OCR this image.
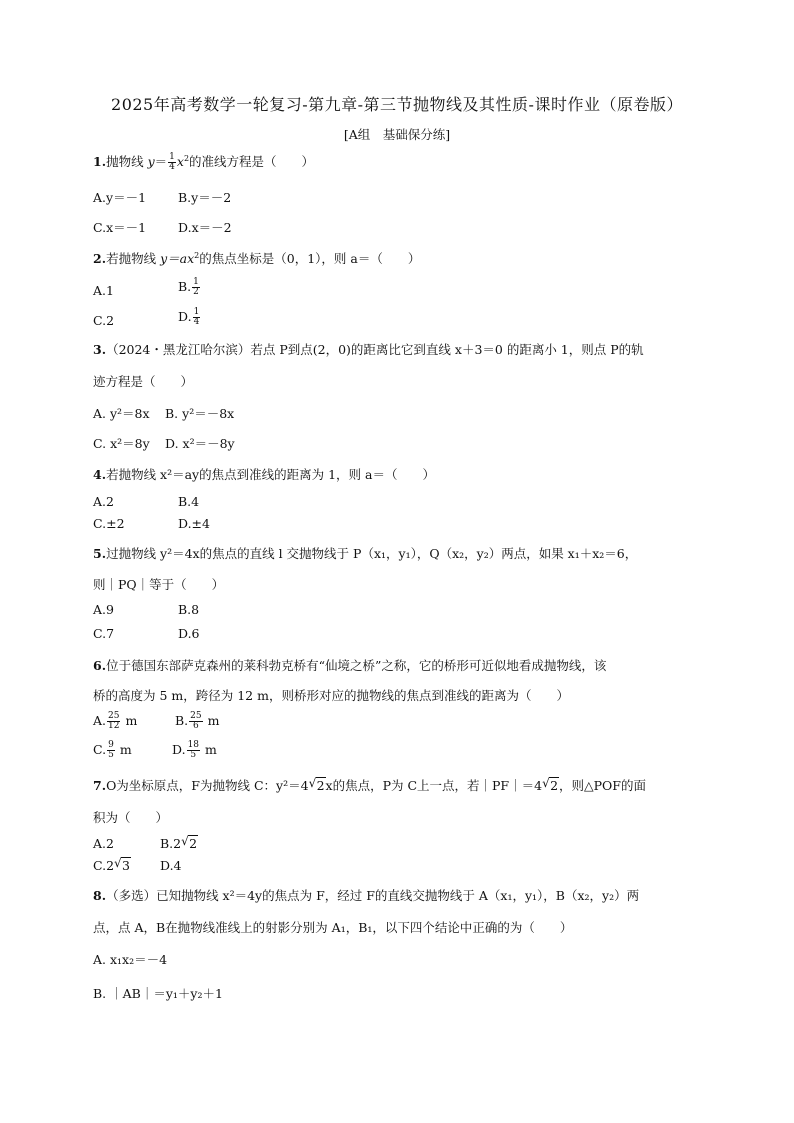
2025年高考数学一轮复习-第九章-第三节抛物线及其性质-课时作业（原卷版）
[A组　基础保分练]
1.抛物线 $y= \frac{1}{4} x^2$的准线方程是（　　）
A.y＝－1	B.y＝－2
C.x＝－1	D.x＝－2
2.若抛物线 $y=ax^2$的焦点坐标是（0，1），则 a＝（　　）
A.1	B. $\frac{1}{2}$
C.2	D. $\frac{1}{4}$
3.（2024・黑龙江哈尔滨）若点 P到点(2，0)的距离比它到直线 x＋3＝0 的距离小 1，则点 P的轨
迹方程是（　　）
A. y²＝8x B. y²＝－8x
C. x²＝8y D. x²＝－8y
4.若抛物线 x²＝ay的焦点到准线的距离为 1，则 a＝（　　）
A.2	B.4
C.±2	D.±4
5.过抛物线 y²＝4x的焦点的直线 l 交抛物线于 P（x₁，y₁），Q（x₂，y₂）两点，如果 x₁＋x₂＝6，
则｜PQ｜等于（　　）
A.9	B.8
C.7	D.6
6.位于德国东部萨克森州的莱科勃克桥有“仙境之桥”之称，它的桥形可近似地看成抛物线，该
桥的高度为 5 m，跨径为 12 m，则桥形对应的抛物线的焦点到准线的距离为（　　）
A. $\frac{25}{12}$ m	B. $\frac{25}{6}$ m
C. $\frac{9}{5}$ m	D. $\frac{18}{5}$ m
7.O为坐标原点，F为抛物线 C：y²＝4 √ 2x的焦点，P为 C上一点，若｜PF｜＝4 √ 2，则△POF的面
积为（　　）
A.2	B.2 √ 2
C.2 √ 3 D.4
8.（多选）已知抛物线 x²＝4y的焦点为 F，经过 F的直线交抛物线于 A（x₁，y₁），B（x₂，y₂）两
点，点 A，B在抛物线准线上的射影分别为 A₁，B₁，以下四个结论中正确的为（　　）
A. x₁x₂＝－4
B. ｜AB｜＝y₁＋y₂＋1
